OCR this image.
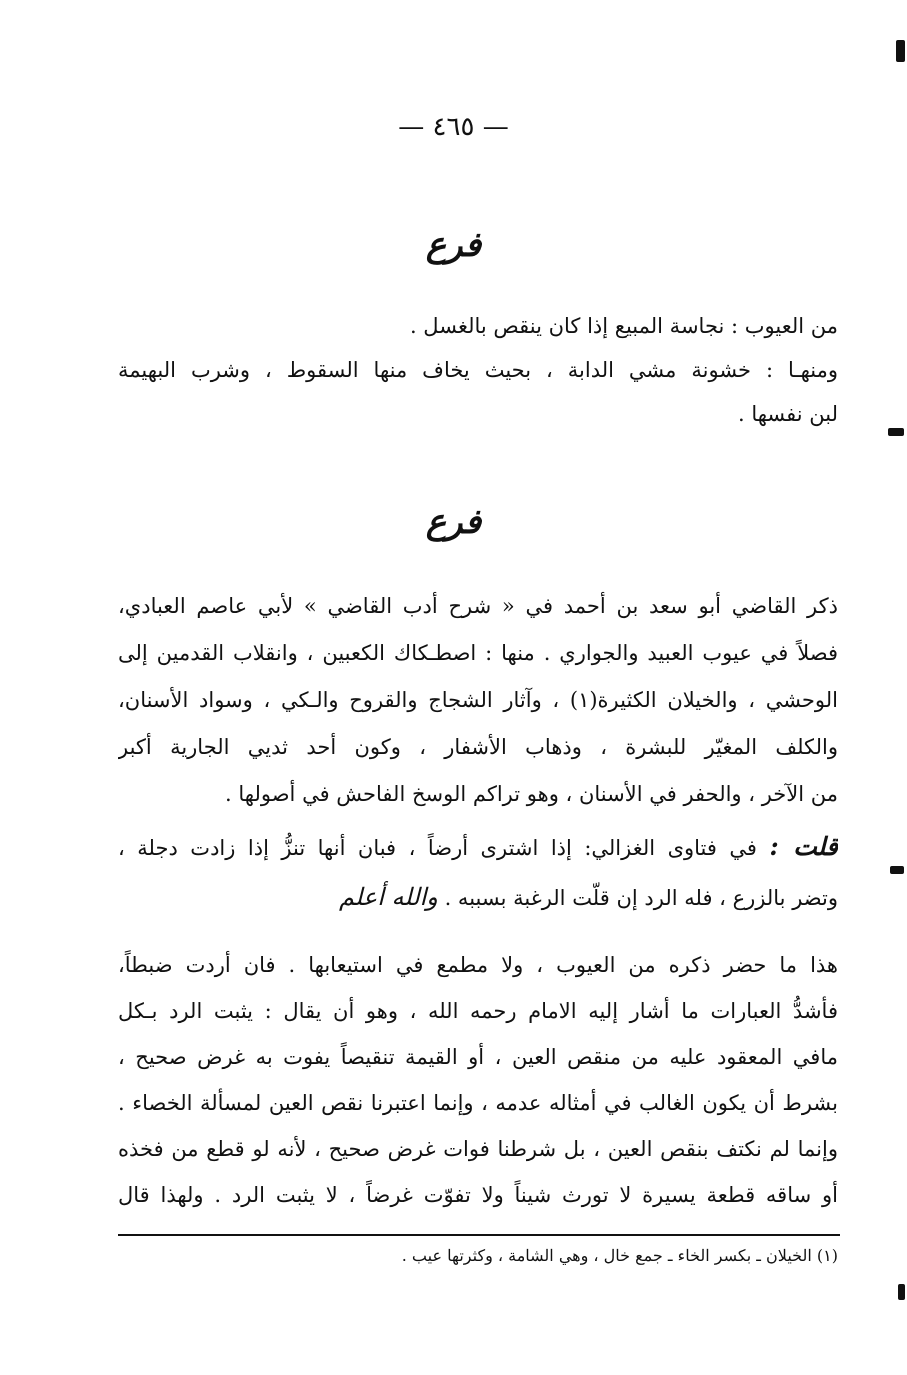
— ٤٦٥ —
فرع
من العيوب : نجاسة المبيع إذا كان ينقص بالغسل .
ومنهـا : خشونة مشي الدابة ، بحيث يخاف منها السقوط ، وشرب البهيمة
لبن نفسها .
فرع
ذكر القاضي أبو سعد بن أحمد في « شرح أدب القاضي » لأبي عاصم العبادي،
فصلاً في عيوب العبيد والجواري . منها : اصطـكاك الكعبين ، وانقلاب القدمين إلى
الوحشي ، والخيلان الكثيرة(١) ، وآثار الشجاج والقروح والـكي ، وسواد الأسنان،
والكلف المغيّر للبشرة ، وذهاب الأشفار ، وكون أحد ثديي الجارية أكبر
من الآخر ، والحفر في الأسنان ، وهو تراكم الوسخ الفاحش في أصولها .
قلت : في فتاوى الغزالي: إذا اشترى أرضاً ، فبان أنها تنزُّ إذا زادت دجلة ،
وتضر بالزرع ، فله الرد إن قلّت الرغبة بسببه . والله أعلم
هذا ما حضر ذكره من العيوب ، ولا مطمع في استيعابها . فان أردت ضبطاً،
فأشدُّ العبارات ما أشار إليه الامام رحمه الله ، وهو أن يقال : يثبت الرد بـكل
مافي المعقود عليه من منقص العين ، أو القيمة تنقيصاً يفوت به غرض صحيح ،
بشرط أن يكون الغالب في أمثاله عدمه ، وإنما اعتبرنا نقص العين لمسألة الخصاء .
وإنما لم نكتف بنقص العين ، بل شرطنا فوات غرض صحيح ، لأنه لو قطع من فخذه
أو ساقه قطعة يسيرة لا تورث شيناً ولا تفوّت غرضاً ، لا يثبت الرد . ولهذا قال
(١) الخيلان ـ بكسر الخاء ـ جمع خال ، وهي الشامة ، وكثرتها عيب .
